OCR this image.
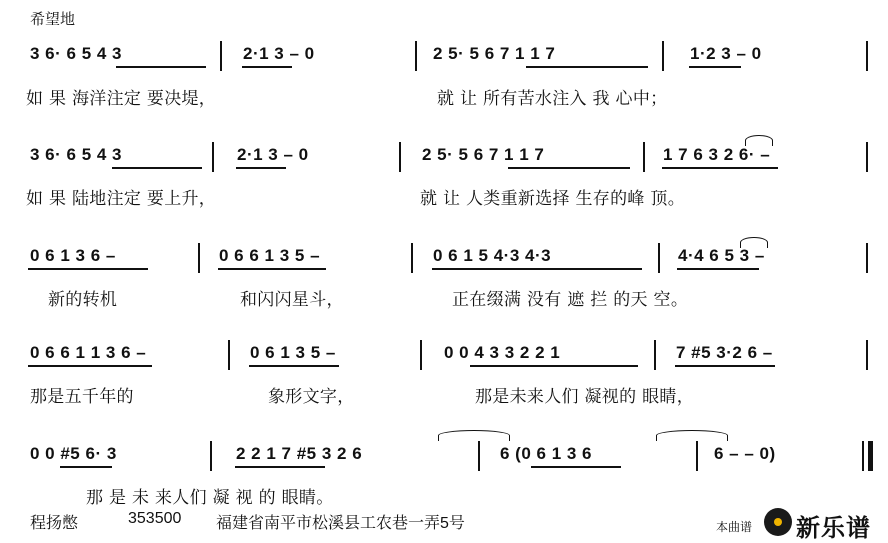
希望地
3 6· 6 5 4 3	2·1 3 – 0	2 5· 5 6 7 1 1 7	1·2 3 – 0
如 果 海洋注定 要决堤，	就 让 所有苦水注入 我 心中；
3 6· 6 5 4 3	2·1 3 – 0	2 5· 5 6 7 1 1 7	1 7 6 3 2 6· –
如 果 陆地注定 要上升，	就 让 人类重新选择 生存的峰 顶。
0 6 1 3 6 –	0 6 6 1 3 5 –	0 6 1 5 4·3 4·3	4·4 6 5 3 –
新的转机	和闪闪星斗，	正在缀满 没有 遮 拦 的天 空。
0 6 6 1 1 3 6 –	0 6 1 3 5 –	0 0 4 3 3 2 2 1	7 #5 3·2 6 –
那是五千年的	象形文字，	那是未来人们 凝视的 眼睛，
0 0 #5 6· 3	2 2 1 7 #5 3 2 6	6 (0 6 1 3 6	6 – – 0)
那 是 未 来人们 凝 视 的 眼睛。
程扬憋	353500 福建省南平市松溪县工农巷一弄5号	本曲谱 新乐谱
